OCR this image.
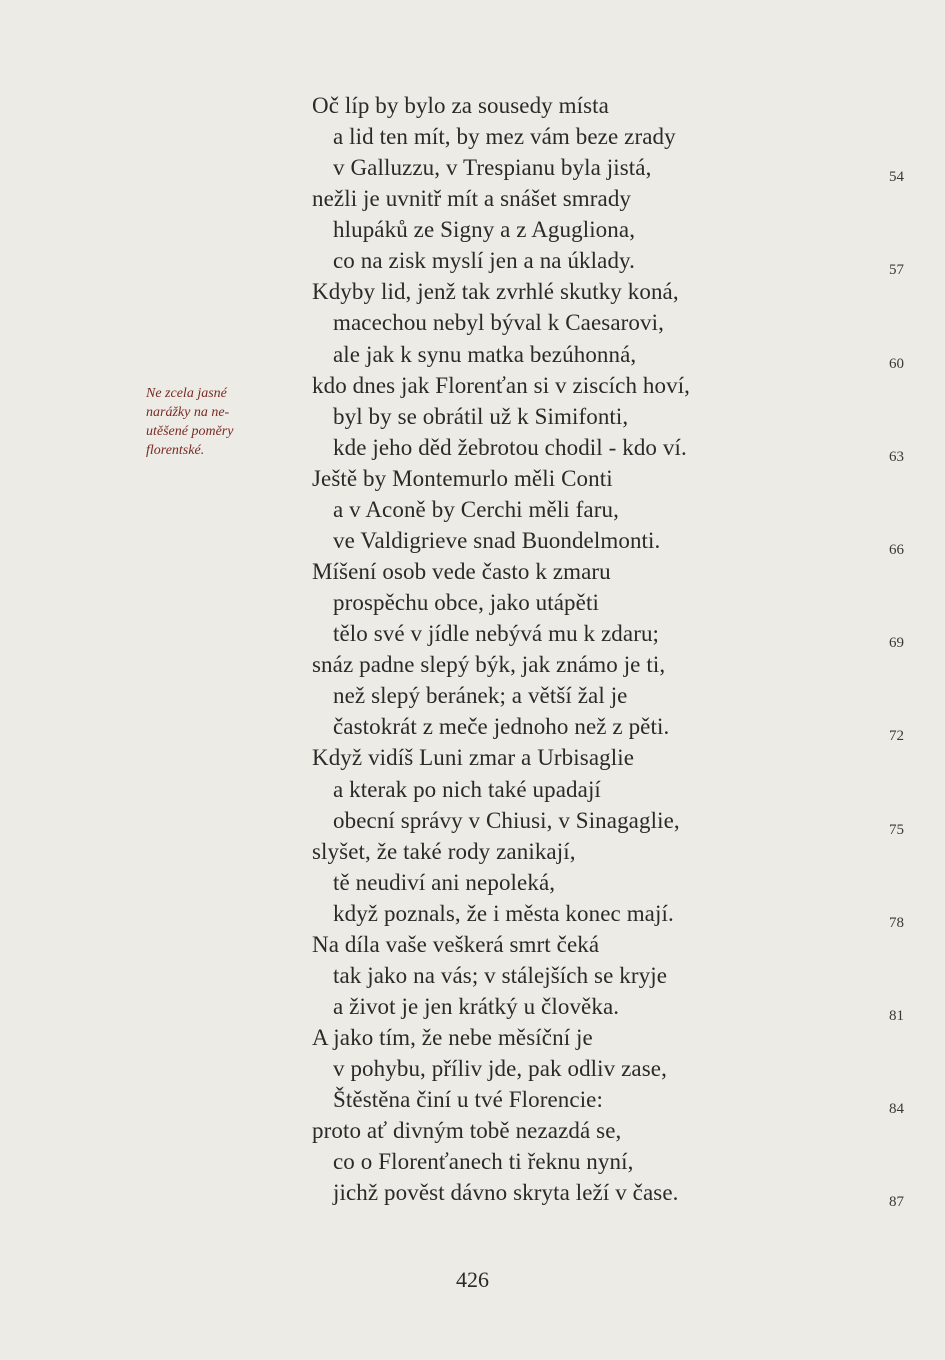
Oč líp by bylo za sousedy místa
a lid ten mít, by mez vám beze zrady
v Galluzzu, v Trespianu byla jistá,
nežli je uvnitř mít a snášet smrady
hlupáků ze Signy a z Agugliona,
co na zisk myslí jen a na úklady.
Kdyby lid, jenž tak zvrhlé skutky koná,
macechou nebyl býval k Caesarovi,
ale jak k synu matka bezúhonná,
kdo dnes jak Florenťan si v ziscích hoví,
byl by se obrátil už k Simifonti,
kde jeho děd žebrotou chodil - kdo ví.
Ještě by Montemurlo měli Conti
a v Aconě by Cerchi měli faru,
ve Valdigrieve snad Buondelmonti.
Míšení osob vede často k zmaru
prospěchu obce, jako utápěti
tělo své v jídle nebývá mu k zdaru;
snáz padne slepý býk, jak známo je ti,
než slepý beránek; a větší žal je
častokrát z meče jednoho než z pěti.
Když vidíš Luni zmar a Urbisaglie
a kterak po nich také upadají
obecní správy v Chiusi, v Sinagaglie,
slyšet, že také rody zanikají,
tě neudiví ani nepoleká,
když poznals, že i města konec mají.
Na díla vaše veškerá smrt čeká
tak jako na vás; v stálejších se kryje
a život je jen krátký u člověka.
A jako tím, že nebe měsíční je
v pohybu, příliv jde, pak odliv zase,
Štěstěna činí u tvé Florencie:
proto ať divným tobě nezazdá se,
co o Florenťanech ti řeknu nyní,
jichž pověst dávno skryta leží v čase.
54
57
60
63
66
69
72
75
78
81
84
87
Ne zcela jasné
narážky na ne-
utěšené poměry
florentské.
426
